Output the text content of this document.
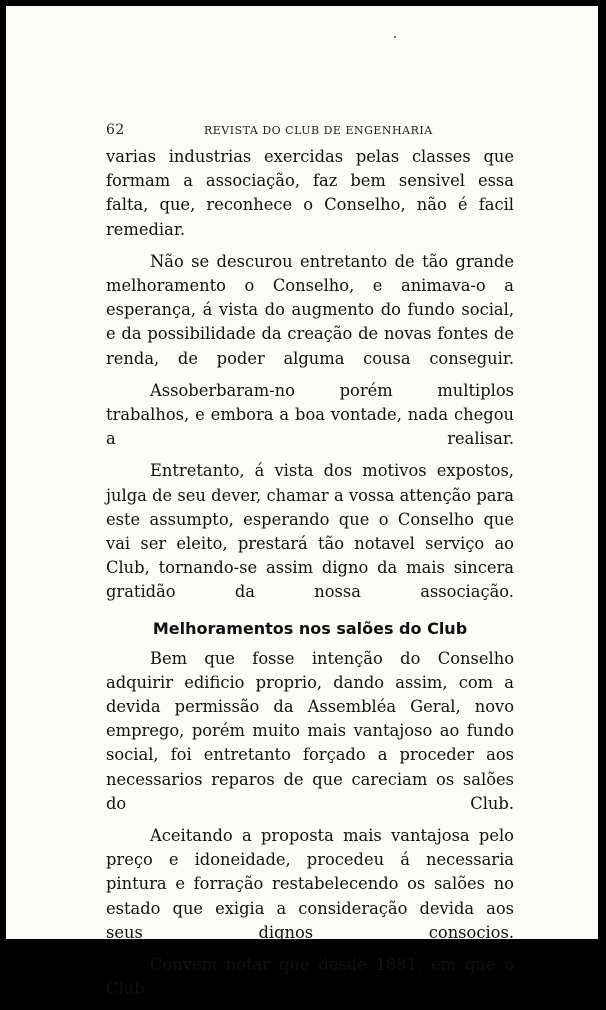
62	REVISTA DO CLUB DE ENGENHARIA

varias industrias exercidas pelas classes que formam a associação, faz bem sensivel essa falta, que, reconhece o Conselho, não é facil remediar.

Não se descurou entretanto de tão grande melhoramento o Conselho, e animava-o a esperança, á vista do augmento do fundo social, e da possibilidade da creação de novas fontes de renda, de poder alguma cousa conseguir.

Assoberbaram-no porém multiplos trabalhos, e embora a boa vontade, nada chegou a realisar.

Entretanto, á vista dos motivos expostos, julga de seu dever, chamar a vossa attenção para este assumpto, esperando que o Conselho que vai ser eleito, prestará tão notavel serviço ao Club, tornando-se assim digno da mais sincera gratidão da nossa associação.

Melhoramentos nos salões do Club

Bem que fosse intenção do Conselho adquirir edificio proprio, dando assim, com a devida permissão da Assembléa Geral, novo emprego, porém muito mais vantajoso ao fundo social, foi entretanto forçado a proceder aos necessarios reparos de que careciam os salões do Club.

Aceitando a proposta mais vantajosa pelo preço e idoneidade, procedeu á necessaria pintura e forração restabelecendo os salões no estado que exigia a consideração devida aos seus dignos consocios.

Convem notar que desde 1881, em que o Club
